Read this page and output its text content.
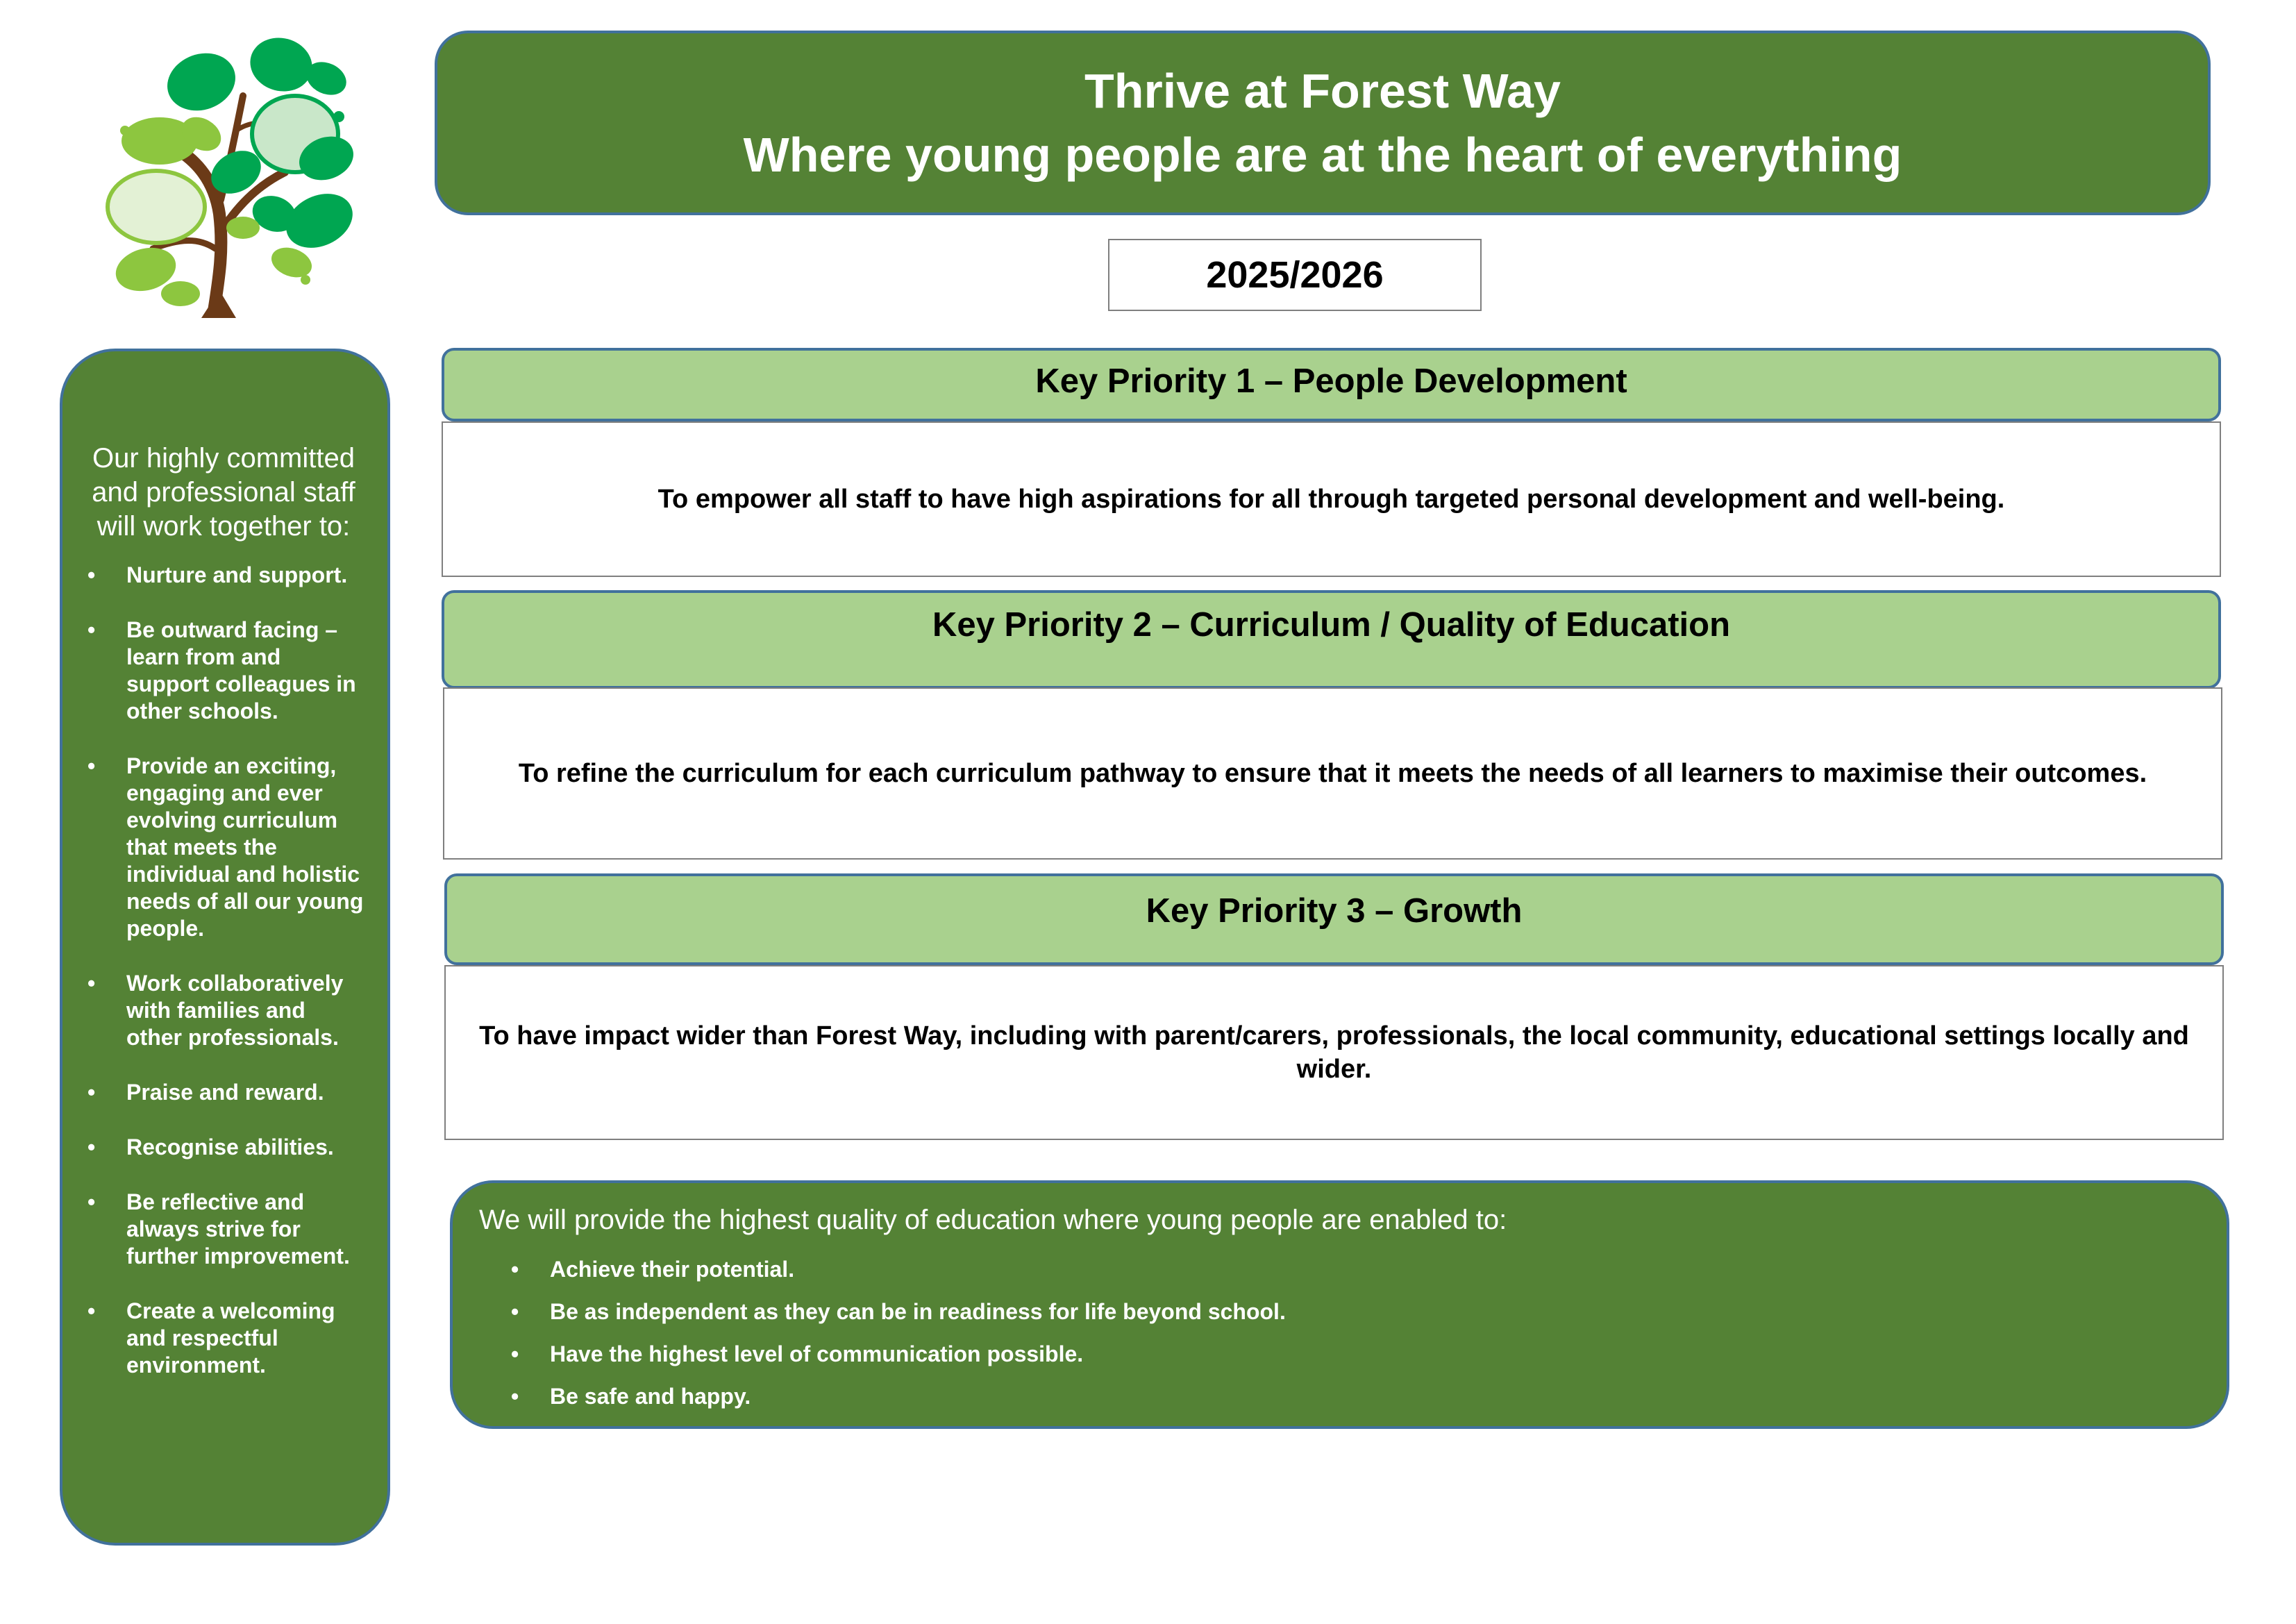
Thrive at Forest Way
Where young people are at the heart of everything
2025/2026
Our highly committed and professional staff will work together to:
• Nurture and support.
• Be outward facing – learn from and support colleagues in other schools.
• Provide an exciting, engaging and ever evolving curriculum that meets the individual and holistic needs of all our young people.
• Work collaboratively with families and other professionals.
• Praise and reward.
• Recognise abilities.
• Be reflective and always strive for further improvement.
• Create a welcoming and respectful environment.
Key Priority 1 – People Development
To empower all staff to have high aspirations for all through targeted personal development and well-being.
Key Priority 2 – Curriculum / Quality of Education
To refine the curriculum for each curriculum pathway to ensure that it meets the needs of all learners to maximise their outcomes.
Key Priority 3 – Growth
To have impact wider than Forest Way, including with parent/carers, professionals, the local community, educational settings locally and wider.
We will provide the highest quality of education where young people are enabled to:
• Achieve their potential.
• Be as independent as they can be in readiness for life beyond school.
• Have the highest level of communication possible.
• Be safe and happy.
